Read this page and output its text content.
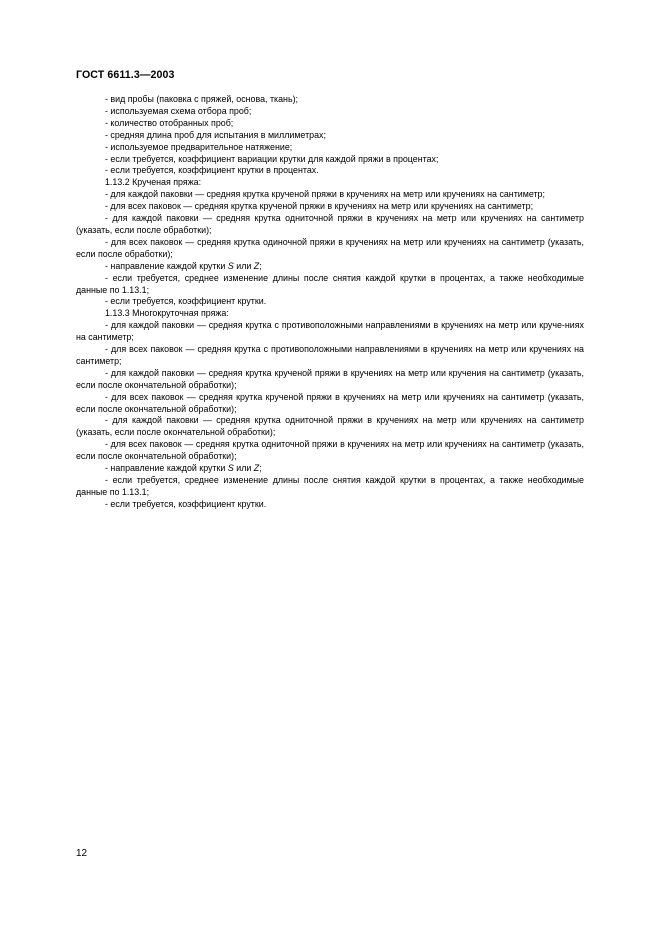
ГОСТ 6611.3—2003

- вид пробы (паковка с пряжей, основа, ткань);

- используемая схема отбора проб;

- количество отобранных проб;

- средняя длина проб для испытания в миллиметрах;

- используемое предварительное натяжение;

- если требуется, коэффициент вариации крутки для каждой пряжи в процентах;

- если требуется, коэффициент крутки в процентах.

1.13.2 Крученая пряжа:

- для каждой паковки — средняя крутка крученой пряжи в кручениях на метр или кручениях на сантиметр;

- для всех паковок — средняя крутка крученой пряжи в кручениях на метр или кручениях на сантиметр;

- для каждой паковки — средняя крутка одниточной пряжи в кручениях на метр или кручениях на сантиметр (указать, если после обработки);

- для всех паковок — средняя крутка одиночной пряжи в кручениях на метр или кручениях на сантиметр (указать, если после обработки);

- направление каждой крутки S или Z;

- если требуется, среднее изменение длины после снятия каждой крутки в процентах, а также необходимые данные по 1.13.1;

- если требуется, коэффициент крутки.

1.13.3 Многокруточная пряжа:

- для каждой паковки — средняя крутка с противоположными направлениями в кручениях на метр или круче-ниях на сантиметр;

- для всех паковок — средняя крутка с противоположными направлениями в кручениях на метр или кручениях на сантиметр;

- для каждой паковки — средняя крутка крученой пряжи в кручениях на метр или кручения на сантиметр (указать, если после окончательной обработки);

- для всех паковок — средняя крутка крученой пряжи в кручениях на метр или кручениях на сантиметр (указать, если после окончательной обработки);

- для каждой паковки — средняя крутка одниточной пряжи в кручениях на метр или кручениях на сантиметр (указать, если после окончательной обработки);

- для всех паковок — средняя крутка одниточной пряжи в кручениях на метр или кручениях на сантиметр (указать, если после окончательной обработки);

- направление каждой крутки S или Z;

- если требуется, среднее изменение длины после снятия каждой крутки в процентах, а также необходимые данные по 1.13.1;

- если требуется, коэффициент крутки.

12
